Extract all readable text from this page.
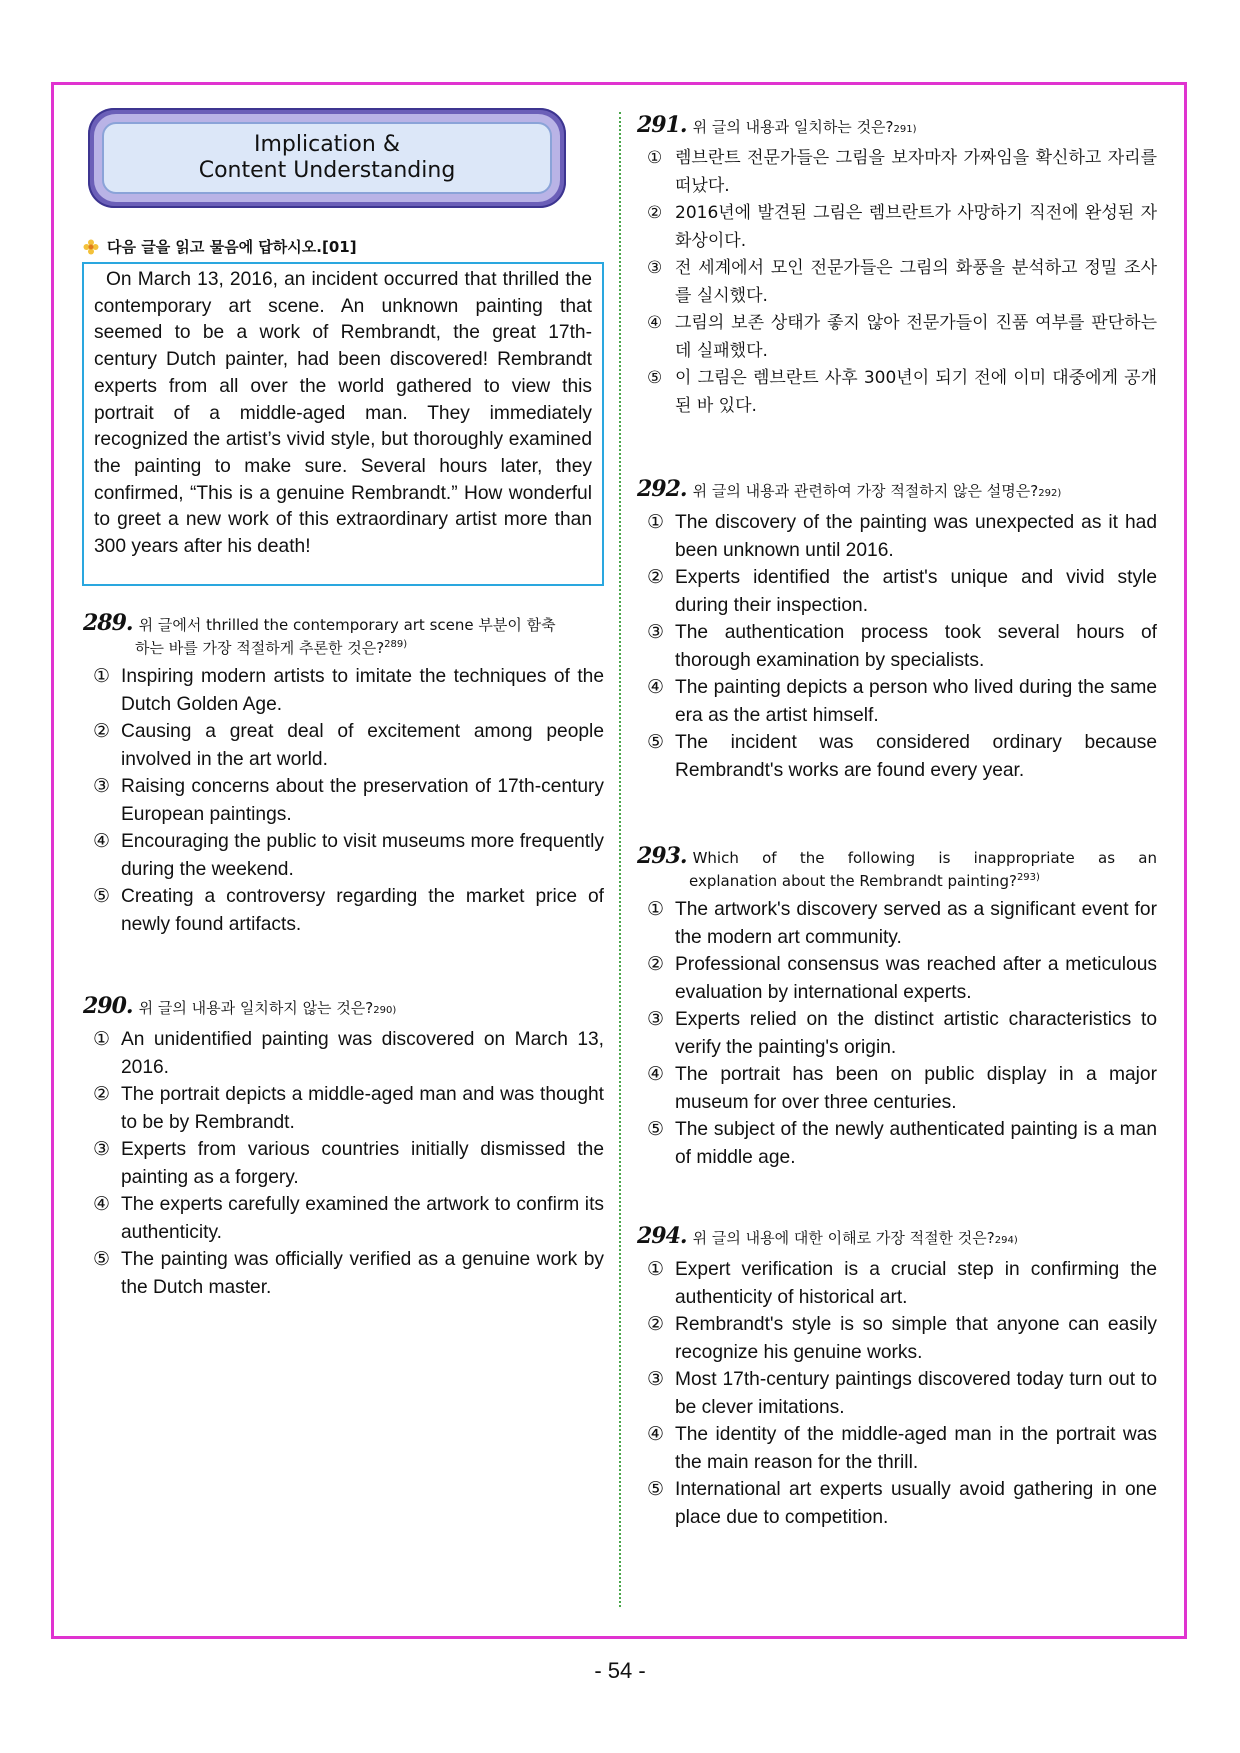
Implication &
Content Understanding
다음 글을 읽고 물음에 답하시오.[01]
On March 13, 2016, an incident occurred that thrilled the contemporary art scene. An unknown painting that seemed to be a work of Rembrandt, the great 17th-century Dutch painter, had been discovered! Rembrandt experts from all over the world gathered to view this portrait of a middle-aged man. They immediately recognized the artist’s vivid style, but thoroughly examined the painting to make sure. Several hours later, they confirmed, “This is a genuine Rembrandt.” How wonderful to greet a new work of this extraordinary artist more than 300 years after his death!
289. 위 글에서 thrilled the contemporary art scene 부분이 함축
하는 바를 가장 적절하게 추론한 것은?$^{289)}$
① Inspiring modern artists to imitate the techniques of the Dutch Golden Age.
② Causing a great deal of excitement among people involved in the art world.
③ Raising concerns about the preservation of 17th-century European paintings.
④ Encouraging the public to visit museums more frequently during the weekend.
⑤ Creating a controversy regarding the market price of newly found artifacts.
290. 위 글의 내용과 일치하지 않는 것은? 290)
① An unidentified painting was discovered on March 13, 2016.
② The portrait depicts a middle-aged man and was thought to be by Rembrandt.
③ Experts from various countries initially dismissed the painting as a forgery.
④ The experts carefully examined the artwork to confirm its authenticity.
⑤ The painting was officially verified as a genuine work by the Dutch master.
291. 위 글의 내용과 일치하는 것은? 291)
① 렘브란트 전문가들은 그림을 보자마자 가짜임을 확신하고 자리를 떠났다.
② 2016년에 발견된 그림은 렘브란트가 사망하기 직전에 완성된 자화상이다.
③ 전 세계에서 모인 전문가들은 그림의 화풍을 분석하고 정밀 조사를 실시했다.
④ 그림의 보존 상태가 좋지 않아 전문가들이 진품 여부를 판단하는 데 실패했다.
⑤ 이 그림은 렘브란트 사후 300년이 되기 전에 이미 대중에게 공개된 바 있다.
292. 위 글의 내용과 관련하여 가장 적절하지 않은 설명은? 292)
① The discovery of the painting was unexpected as it had been unknown until 2016.
② Experts identified the artist's unique and vivid style during their inspection.
③ The authentication process took several hours of thorough examination by specialists.
④ The painting depicts a person who lived during the same era as the artist himself.
⑤ The incident was considered ordinary because Rembrandt's works are found every year.
293. Which of the following is inappropriate as an
explanation about the Rembrandt painting?$^{293)}$
① The artwork's discovery served as a significant event for the modern art community.
② Professional consensus was reached after a meticulous evaluation by international experts.
③ Experts relied on the distinct artistic characteristics to verify the painting's origin.
④ The portrait has been on public display in a major museum for over three centuries.
⑤ The subject of the newly authenticated painting is a man of middle age.
294. 위 글의 내용에 대한 이해로 가장 적절한 것은? 294)
① Expert verification is a crucial step in confirming the authenticity of historical art.
② Rembrandt's style is so simple that anyone can easily recognize his genuine works.
③ Most 17th-century paintings discovered today turn out to be clever imitations.
④ The identity of the middle-aged man in the portrait was the main reason for the thrill.
⑤ International art experts usually avoid gathering in one place due to competition.
- 54 -
